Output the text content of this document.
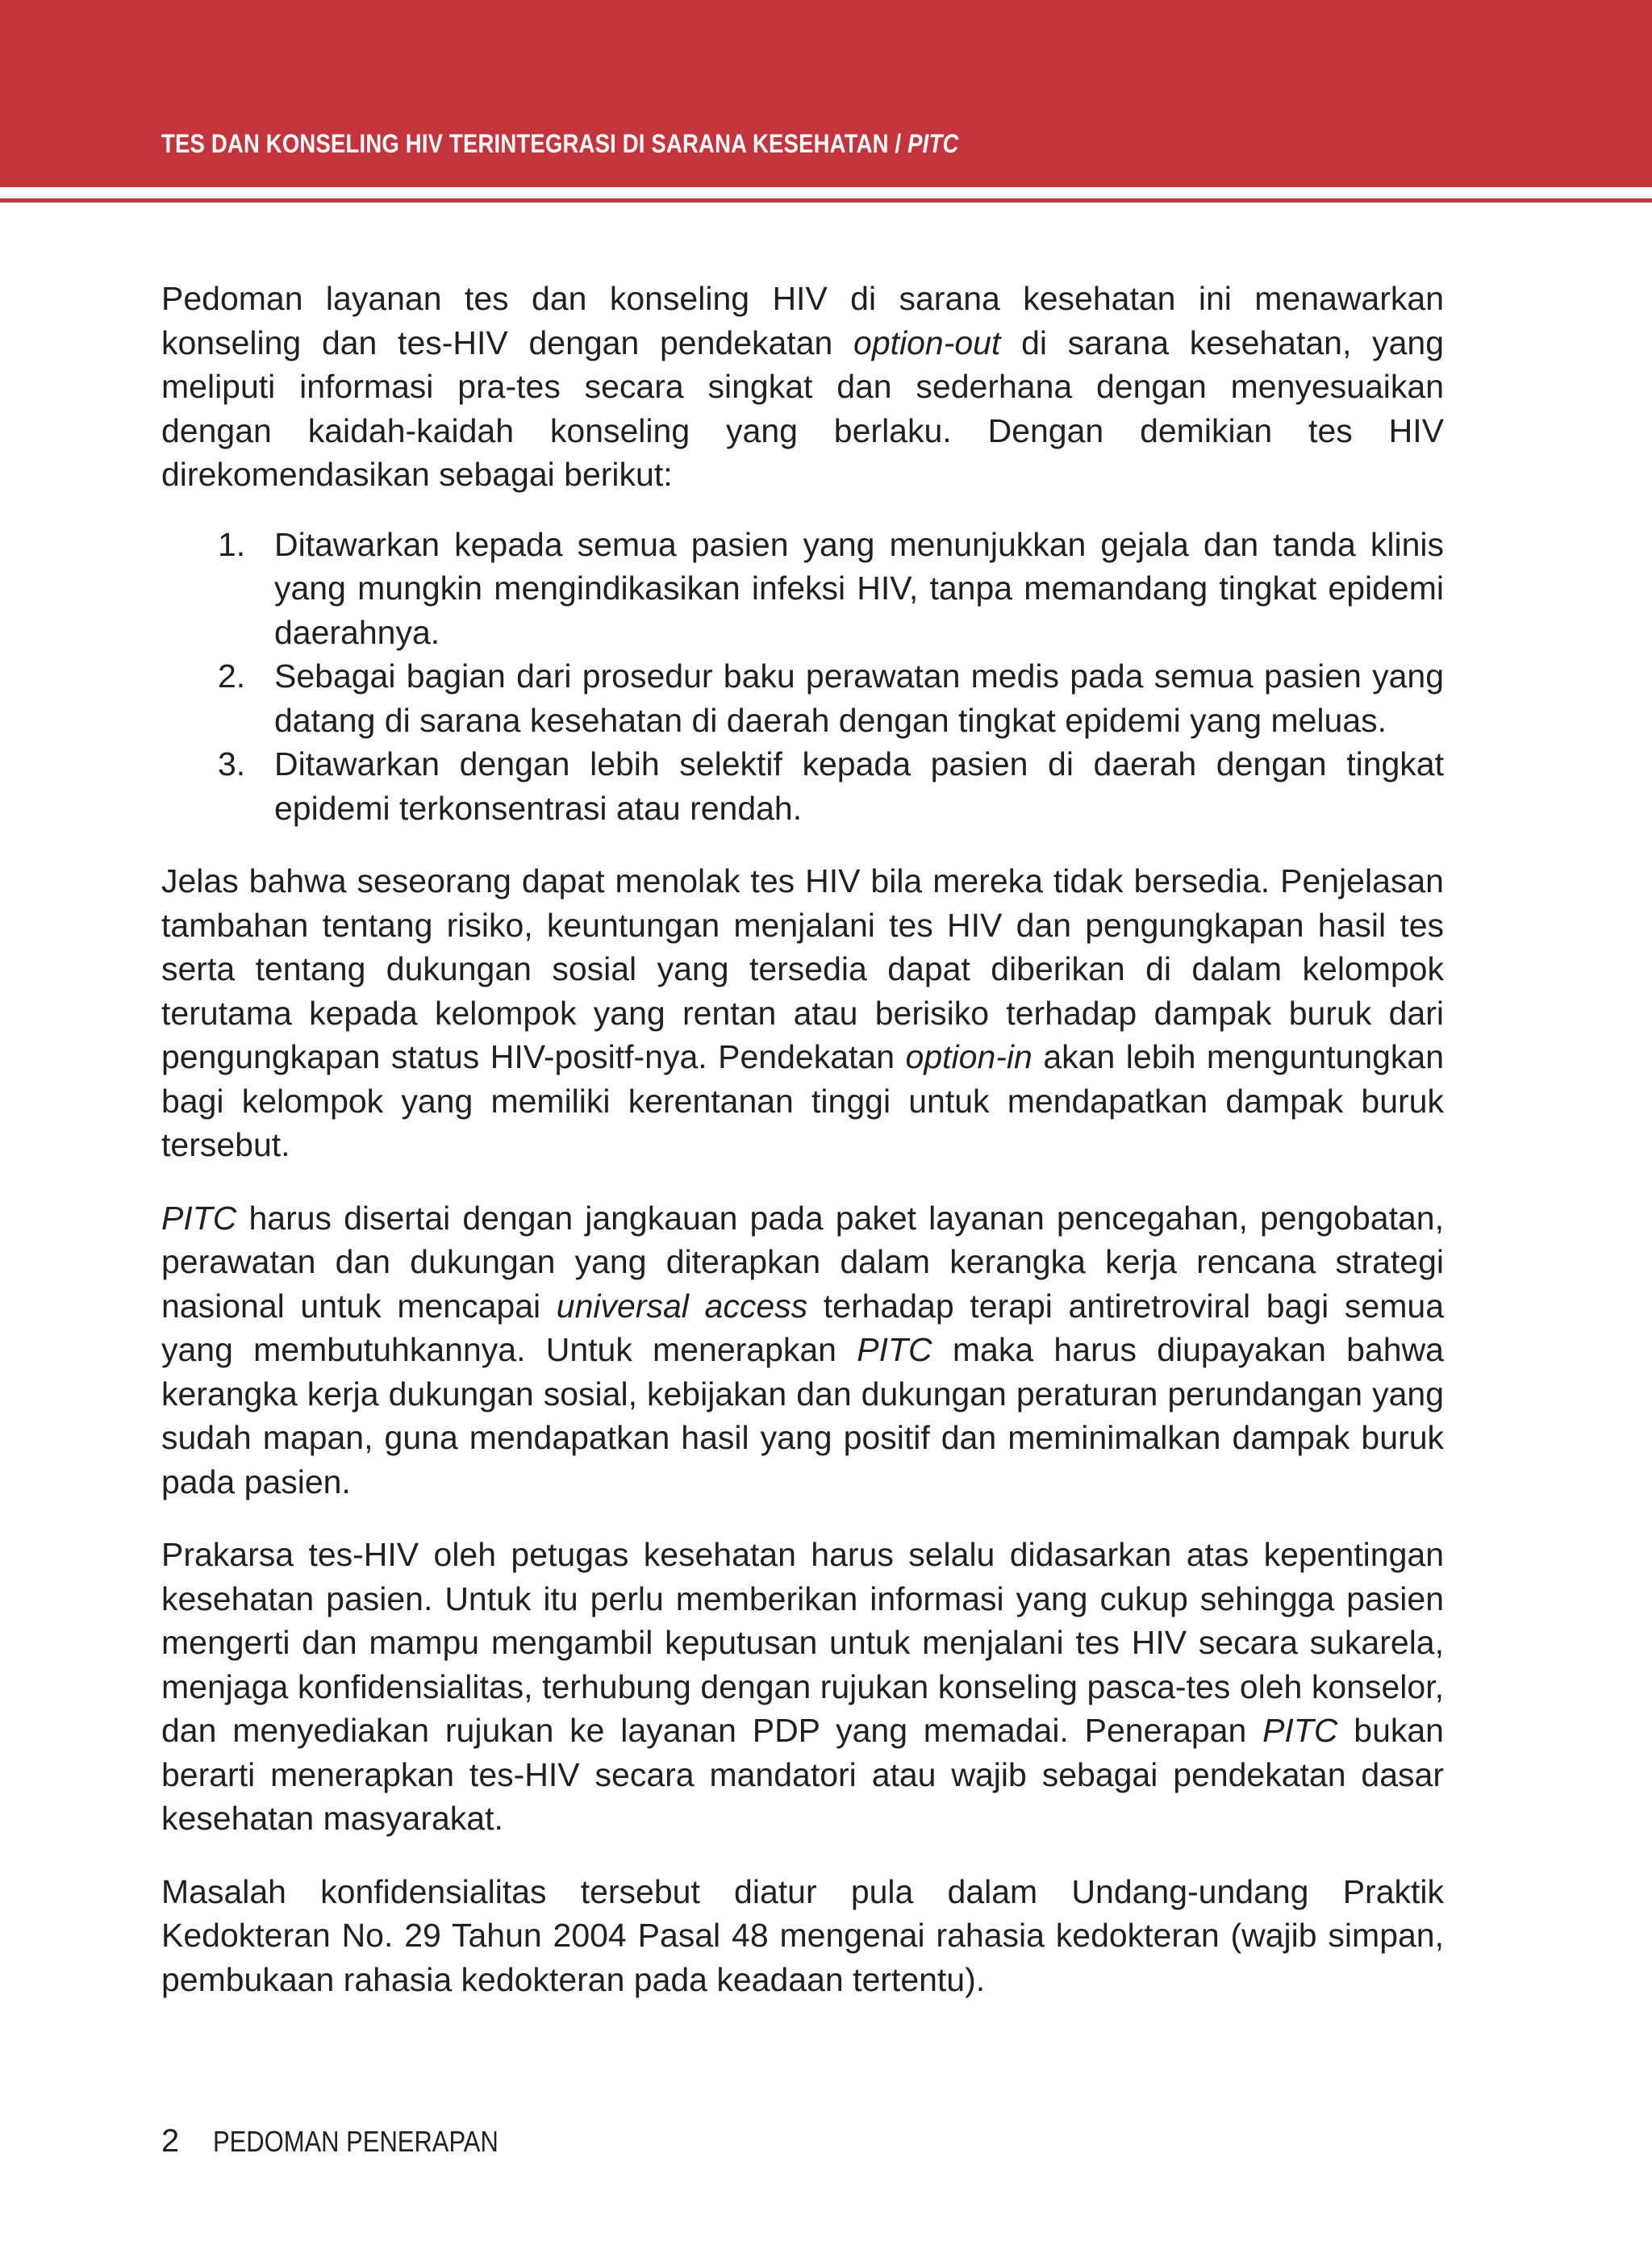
TES DAN KONSELING HIV TERINTEGRASI DI SARANA KESEHATAN / PITC

Pedoman layanan tes dan konseling HIV di sarana kesehatan ini menawarkan konseling dan tes-HIV dengan pendekatan option-out di sarana kesehatan, yang meliputi informasi pra-tes secara singkat dan sederhana dengan menyesuaikan dengan kaidah-kaidah konseling yang berlaku. Dengan demikian tes HIV direkomendasikan sebagai berikut:

1. Ditawarkan kepada semua pasien yang menunjukkan gejala dan tanda klinis yang mungkin mengindikasikan infeksi HIV, tanpa memandang tingkat epidemi daerahnya.
2. Sebagai bagian dari prosedur baku perawatan medis pada semua pasien yang datang di sarana kesehatan di daerah dengan tingkat epidemi yang meluas.
3. Ditawarkan dengan lebih selektif kepada pasien di daerah dengan tingkat epidemi terkonsentrasi atau rendah.

Jelas bahwa seseorang dapat menolak tes HIV bila mereka tidak bersedia. Penjelasan tambahan tentang risiko, keuntungan menjalani tes HIV dan pengungkapan hasil tes serta tentang dukungan sosial yang tersedia dapat diberikan di dalam kelompok terutama kepada kelompok yang rentan atau berisiko terhadap dampak buruk dari pengungkapan status HIV-positf-nya. Pendekatan option-in akan lebih menguntungkan bagi kelompok yang memiliki kerentanan tinggi untuk mendapatkan dampak buruk tersebut.

PITC harus disertai dengan jangkauan pada paket layanan pencegahan, pengobatan, perawatan dan dukungan yang diterapkan dalam kerangka kerja rencana strategi nasional untuk mencapai universal access terhadap terapi antiretroviral bagi semua yang membutuhkannya. Untuk menerapkan PITC maka harus diupayakan bahwa kerangka kerja dukungan sosial, kebijakan dan dukungan peraturan perundangan yang sudah mapan, guna mendapatkan hasil yang positif dan meminimalkan dampak buruk pada pasien.

Prakarsa tes-HIV oleh petugas kesehatan harus selalu didasarkan atas kepentingan kesehatan pasien. Untuk itu perlu memberikan informasi yang cukup sehingga pasien mengerti dan mampu mengambil keputusan untuk menjalani tes HIV secara sukarela, menjaga konfidensialitas, terhubung dengan rujukan konseling pasca-tes oleh konselor, dan menyediakan rujukan ke layanan PDP yang memadai. Penerapan PITC bukan berarti menerapkan tes-HIV secara mandatori atau wajib sebagai pendekatan dasar kesehatan masyarakat.

Masalah konfidensialitas tersebut diatur pula dalam Undang-undang Praktik Kedokteran No. 29 Tahun 2004 Pasal 48 mengenai rahasia kedokteran (wajib simpan, pembukaan rahasia kedokteran pada keadaan tertentu).

2 PEDOMAN PENERAPAN
